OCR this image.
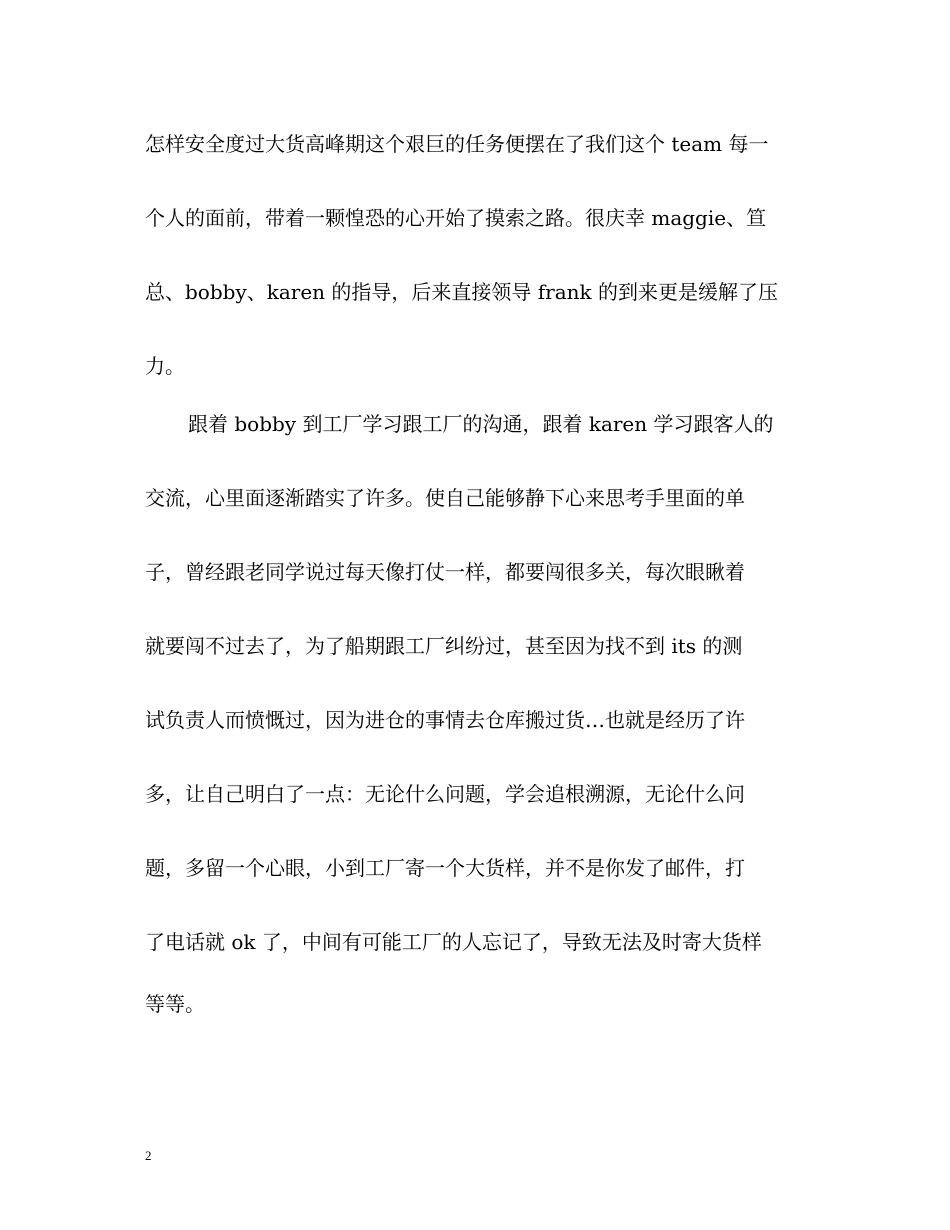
怎样安全度过大货高峰期这个艰巨的任务便摆在了我们这个 team 每一
个人的面前，带着一颗惶恐的心开始了摸索之路。很庆幸 maggie、笪
总、bobby、karen 的指导，后来直接领导 frank 的到来更是缓解了压
力。
跟着 bobby 到工厂学习跟工厂的沟通，跟着 karen 学习跟客人的
交流，心里面逐渐踏实了许多。使自己能够静下心来思考手里面的单
子，曾经跟老同学说过每天像打仗一样，都要闯很多关，每次眼瞅着
就要闯不过去了，为了船期跟工厂纠纷过，甚至因为找不到 its 的测
试负责人而愤慨过，因为进仓的事情去仓库搬过货…也就是经历了许
多，让自己明白了一点：无论什么问题，学会追根溯源，无论什么问
题，多留一个心眼，小到工厂寄一个大货样，并不是你发了邮件，打
了电话就 ok 了，中间有可能工厂的人忘记了，导致无法及时寄大货样
等等。
2
